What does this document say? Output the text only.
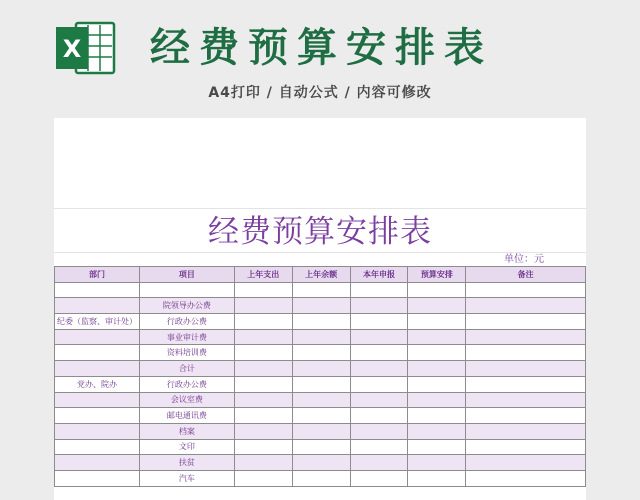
X 经费预算安排表
A4打印 / 自动公式 / 内容可修改
经费预算安排表
单位：元
部门	项目	上年支出	上年余额	本年申报	预算安排	备注

	院领导办公费					
纪委（监察、审计处）	行政办公费					
	事业审计费					
	资料培训费					
	合计					
党办、院办	行政办公费					
	会议室费					
	邮电通讯费					
	档案					
	文印					
	扶贫					
	汽车					
